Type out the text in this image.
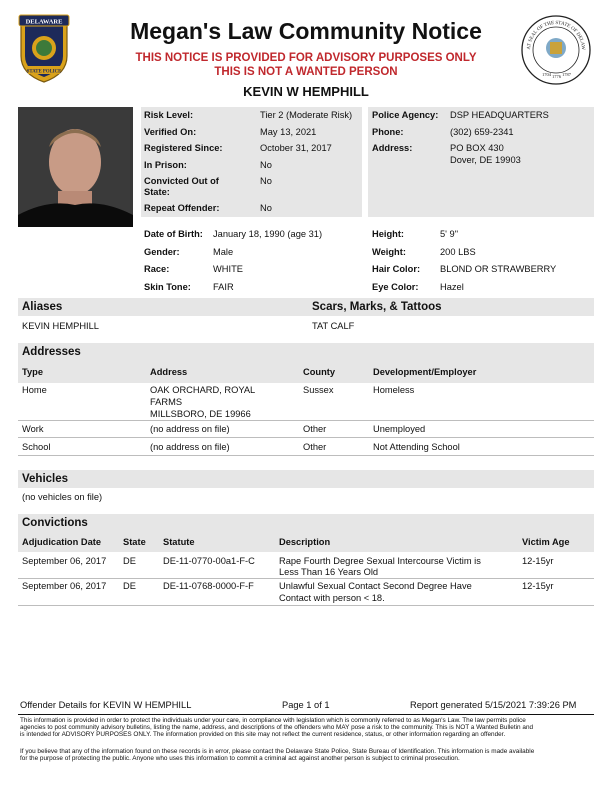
DELAWARE
STATE POLICE
Megan's Law Community Notice
THIS NOTICE IS PROVIDED FOR ADVISORY PURPOSES ONLY
THIS IS NOT A WANTED PERSON
KEVIN W HEMPHILL
AT SEAL OF THE STATE OF DELAW
1704 1776 1787
Risk Level:	Tier 2 (Moderate Risk)
Verified On:	May 13, 2021
Registered Since:	October 31, 2017
In Prison:	No
Convicted Out of State:
No
Repeat Offender:	No
Police Agency: DSP HEADQUARTERS
Phone:	(302) 659-2341
Address:	PO BOX 430
Dover, DE 19903
Date of Birth: January 18, 1990 (age 31)
Gender:	Male
Race:	WHITE
Skin Tone: FAIR
Height:	5' 9"
Weight:	200 LBS
Hair Color: BLOND OR STRAWBERRY
Eye Color: Hazel
Aliases	Scars, Marks, & Tattoos
KEVIN HEMPHILL	TAT CALF
Addresses
Type	Address	County	Development/Employer
Home	OAK ORCHARD, ROYAL
FARMS
MILLSBORO, DE 19966
Sussex	Homeless
Work	(no address on file)	Other	Unemployed
School	(no address on file)	Other	Not Attending School
Vehicles
(no vehicles on file)
Convictions
Adjudication Date State Statute	Description	Victim Age
September 06, 2017 DE	DE-11-0770-00a1-F-C	Rape Fourth Degree Sexual Intercourse Victim is
Less Than 16 Years Old
12-15yr
September 06, 2017 DE	DE-11-0768-0000-F-F	Unlawful Sexual Contact Second Degree Have
Contact with person < 18.
12-15yr
Offender Details for KEVIN W HEMPHILL	Page 1 of 1	Report generated 5/15/2021 7:39:26 PM
This information is provided in order to protect the individuals under your care, in compliance with legislation which is commonly referred to as Megan's Law. The law permits police
agencies to post community advisory bulletins, listing the name, address, and descriptions of the offenders who MAY pose a risk to the community. This is NOT a Wanted Bulletin and
is intended for ADVISORY PURPOSES ONLY. The information provided on this site may not reflect the current residence, status, or other information regarding an offender.
If you believe that any of the information found on these records is in error, please contact the Delaware State Police, State Bureau of Identification. This information is made available
for the purpose of protecting the public. Anyone who uses this information to commit a criminal act against another person is subject to criminal prosecution.
